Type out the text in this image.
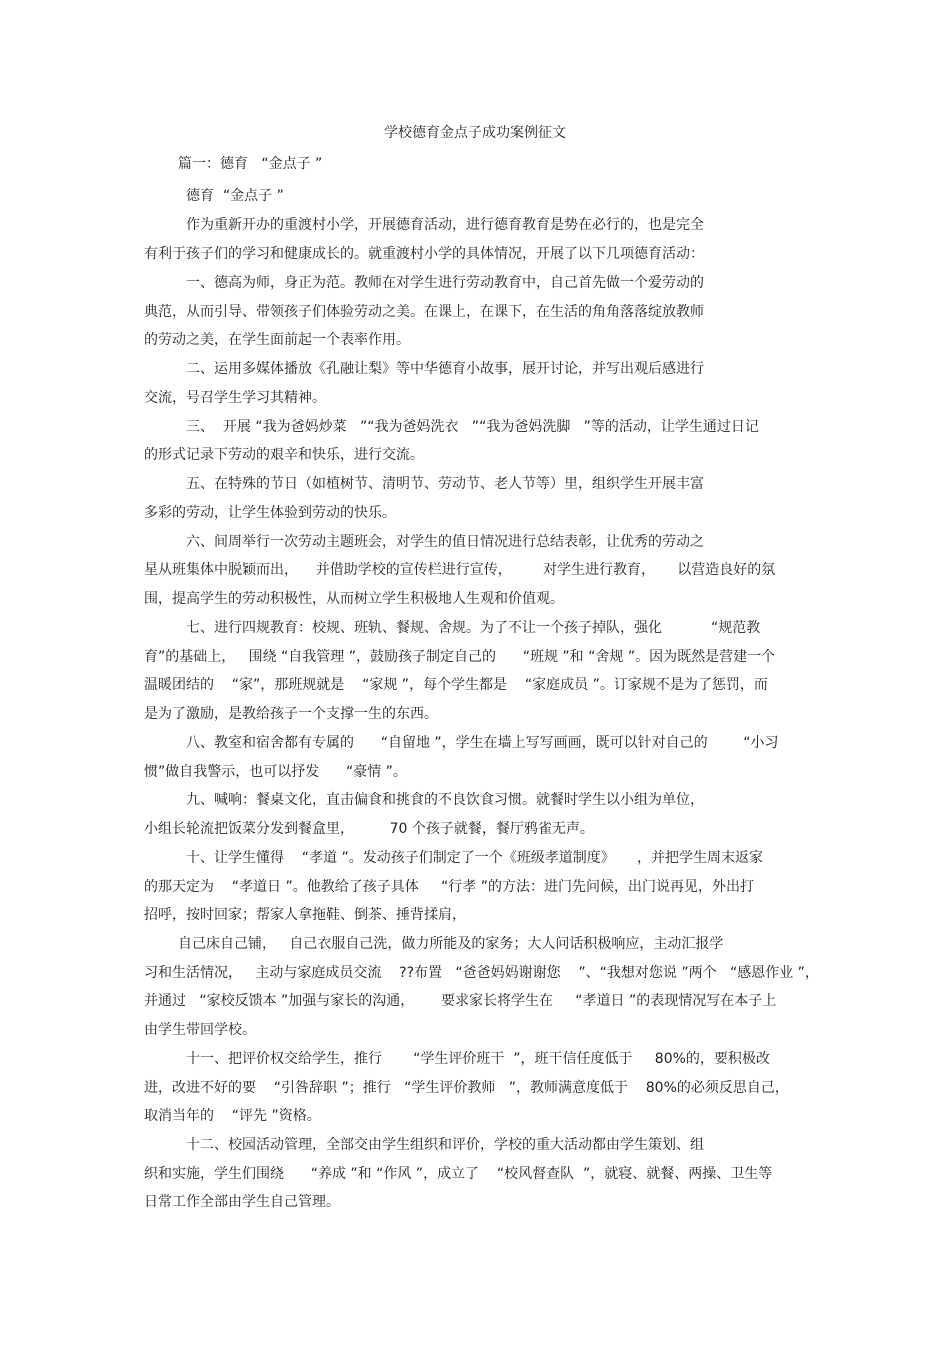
学校德育金点子成功案例征文
篇一：德育   “金点子 ”
德育  “金点子 ”
作为重新开办的重渡村小学，开展德育活动，进行德育教育是势在必行的，也是完全
有利于孩子们的学习和健康成长的。就重渡村小学的具体情况，开展了以下几项德育活动：
一、德高为师，身正为范。教师在对学生进行劳动教育中，自己首先做一个爱劳动的
典范，从而引导、带领孩子们体验劳动之美。在课上，在课下，在生活的角角落落绽放教师
的劳动之美，在学生面前起一个表率作用。
二、运用多媒体播放《孔融让梨》等中华德育小故事，展开讨论，并写出观后感进行
交流，号召学生学习其精神。
三、  开展 “我为爸妈炒菜   ”“我为爸妈洗衣   ”“我为爸妈洗脚   ”等的活动，让学生通过日记
的形式记录下劳动的艰辛和快乐，进行交流。
五、在特殊的节日（如植树节、清明节、劳动节、老人节等）里，组织学生开展丰富
多彩的劳动，让学生体验到劳动的快乐。
六、间周举行一次劳动主题班会，对学生的值日情况进行总结表彰，让优秀的劳动之
星从班集体中脱颖而出，    并借助学校的宣传栏进行宣传，       对学生进行教育，     以营造良好的氛
围，提高学生的劳动积极性，从而树立学生积极地人生观和价值观。
七、进行四规教育：校规、班轨、餐规、舍规。为了不让一个孩子掉队，强化           “规范教
育”的基础上，   围绕 “自我管理 ”，鼓励孩子制定自己的      “班规 ”和 “舍规 ”。因为既然是营建一个
温暖团结的    “家”，那班规就是    “家规 ”，每个学生都是    “家庭成员 ”。订家规不是为了惩罚，而
是为了激励，是教给孩子一个支撑一生的东西。
八、教室和宿舍都有专属的      “自留地 ”，学生在墙上写写画画，既可以针对自己的        “小习
惯”做自我警示，也可以抒发      “豪情 ”。
九、喊响：餐桌文化，直击偏食和挑食的不良饮食习惯。就餐时学生以小组为单位，
小组长轮流把饭菜分发到餐盒里，        70 个孩子就餐，餐厅鸦雀无声。
十、让学生懂得    “孝道 ”。发动孩子们制定了一个《班级孝道制度》     ，并把学生周末返家
的那天定为    “孝道日 ”。他教给了孩子具体     “行孝 ”的方法：进门先问候，出门说再见，外出打
招呼，按时回家；帮家人拿拖鞋、倒茶、捶背揉肩，
自己床自己铺，   自己衣服自己洗，做力所能及的家务；大人问话积极响应，主动汇报学
习和生活情况，   主动与家庭成员交流    ??布置   “爸爸妈妈谢谢您    ”、“我想对您说 ”两个   “感恩作业 ”，
并通过   “家校反馈本 ”加强与家长的沟通，      要求家长将学生在     “孝道日 ”的表现情况写在本子上
由学生带回学校。
十一、把评价权交给学生，推行       “学生评价班干  ”，班干信任度低于     80%的，要积极改
进，改进不好的要    “引咎辞职 ”；推行   “学生评价教师   ”，教师满意度低于    80%的必须反思自己，
取消当年的    “评先 ”资格。
十二、校园活动管理，全部交由学生组织和评价，学校的重大活动都由学生策划、组
织和实施，学生们围绕      “养成 ”和 “作风 ”，成立了    “校风督查队  ”，就寝、就餐、两操、卫生等
日常工作全部由学生自己管理。
